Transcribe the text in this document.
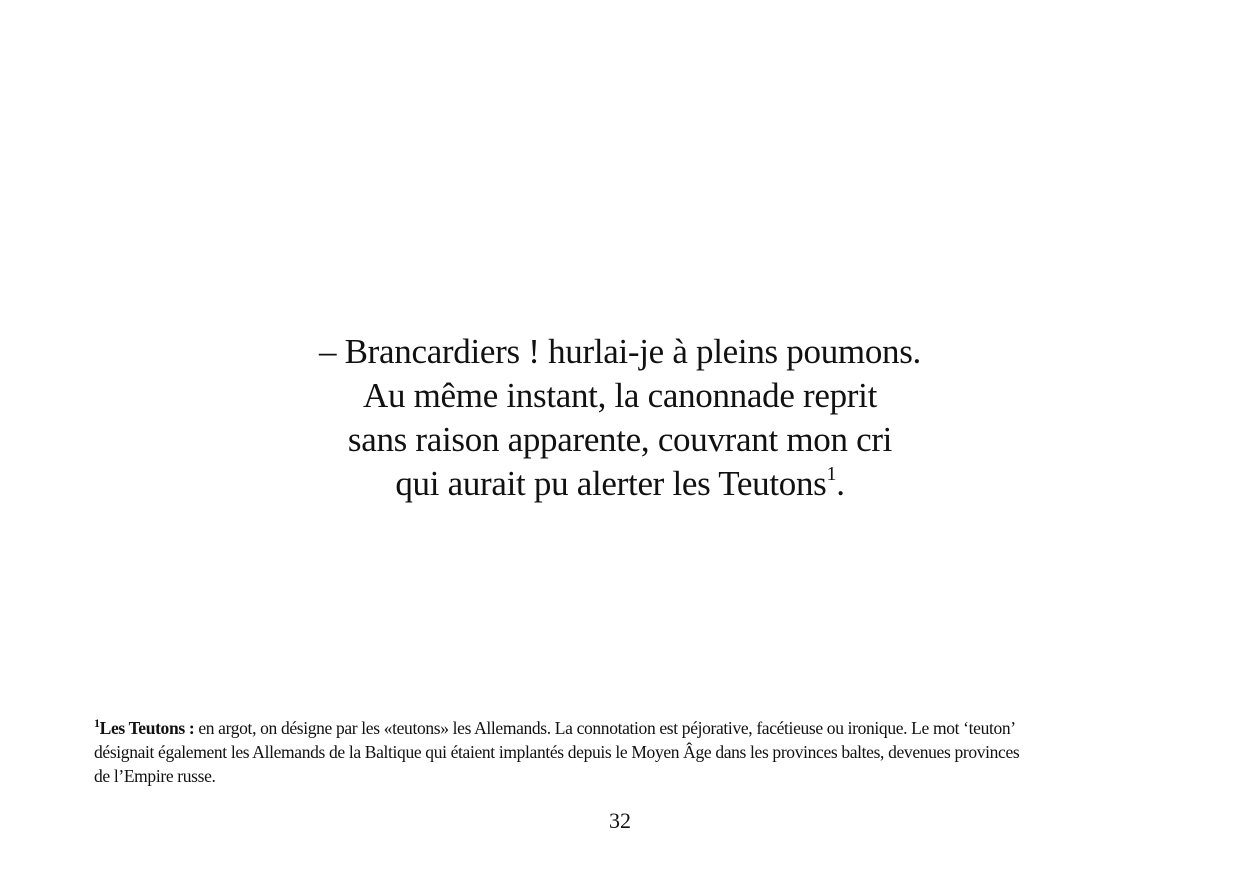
– Brancardiers ! hurlai-je à pleins poumons.
Au même instant, la canonnade reprit
sans raison apparente, couvrant mon cri
qui aurait pu alerter les Teutons$^1$.
$^1$Les Teutons : en argot, on désigne par les «teutons» les Allemands. La connotation est péjorative, facétieuse ou ironique. Le mot ‘teuton’
désignait également les Allemands de la Baltique qui étaient implantés depuis le Moyen Âge dans les provinces baltes, devenues provinces
de l’Empire russe.
32
